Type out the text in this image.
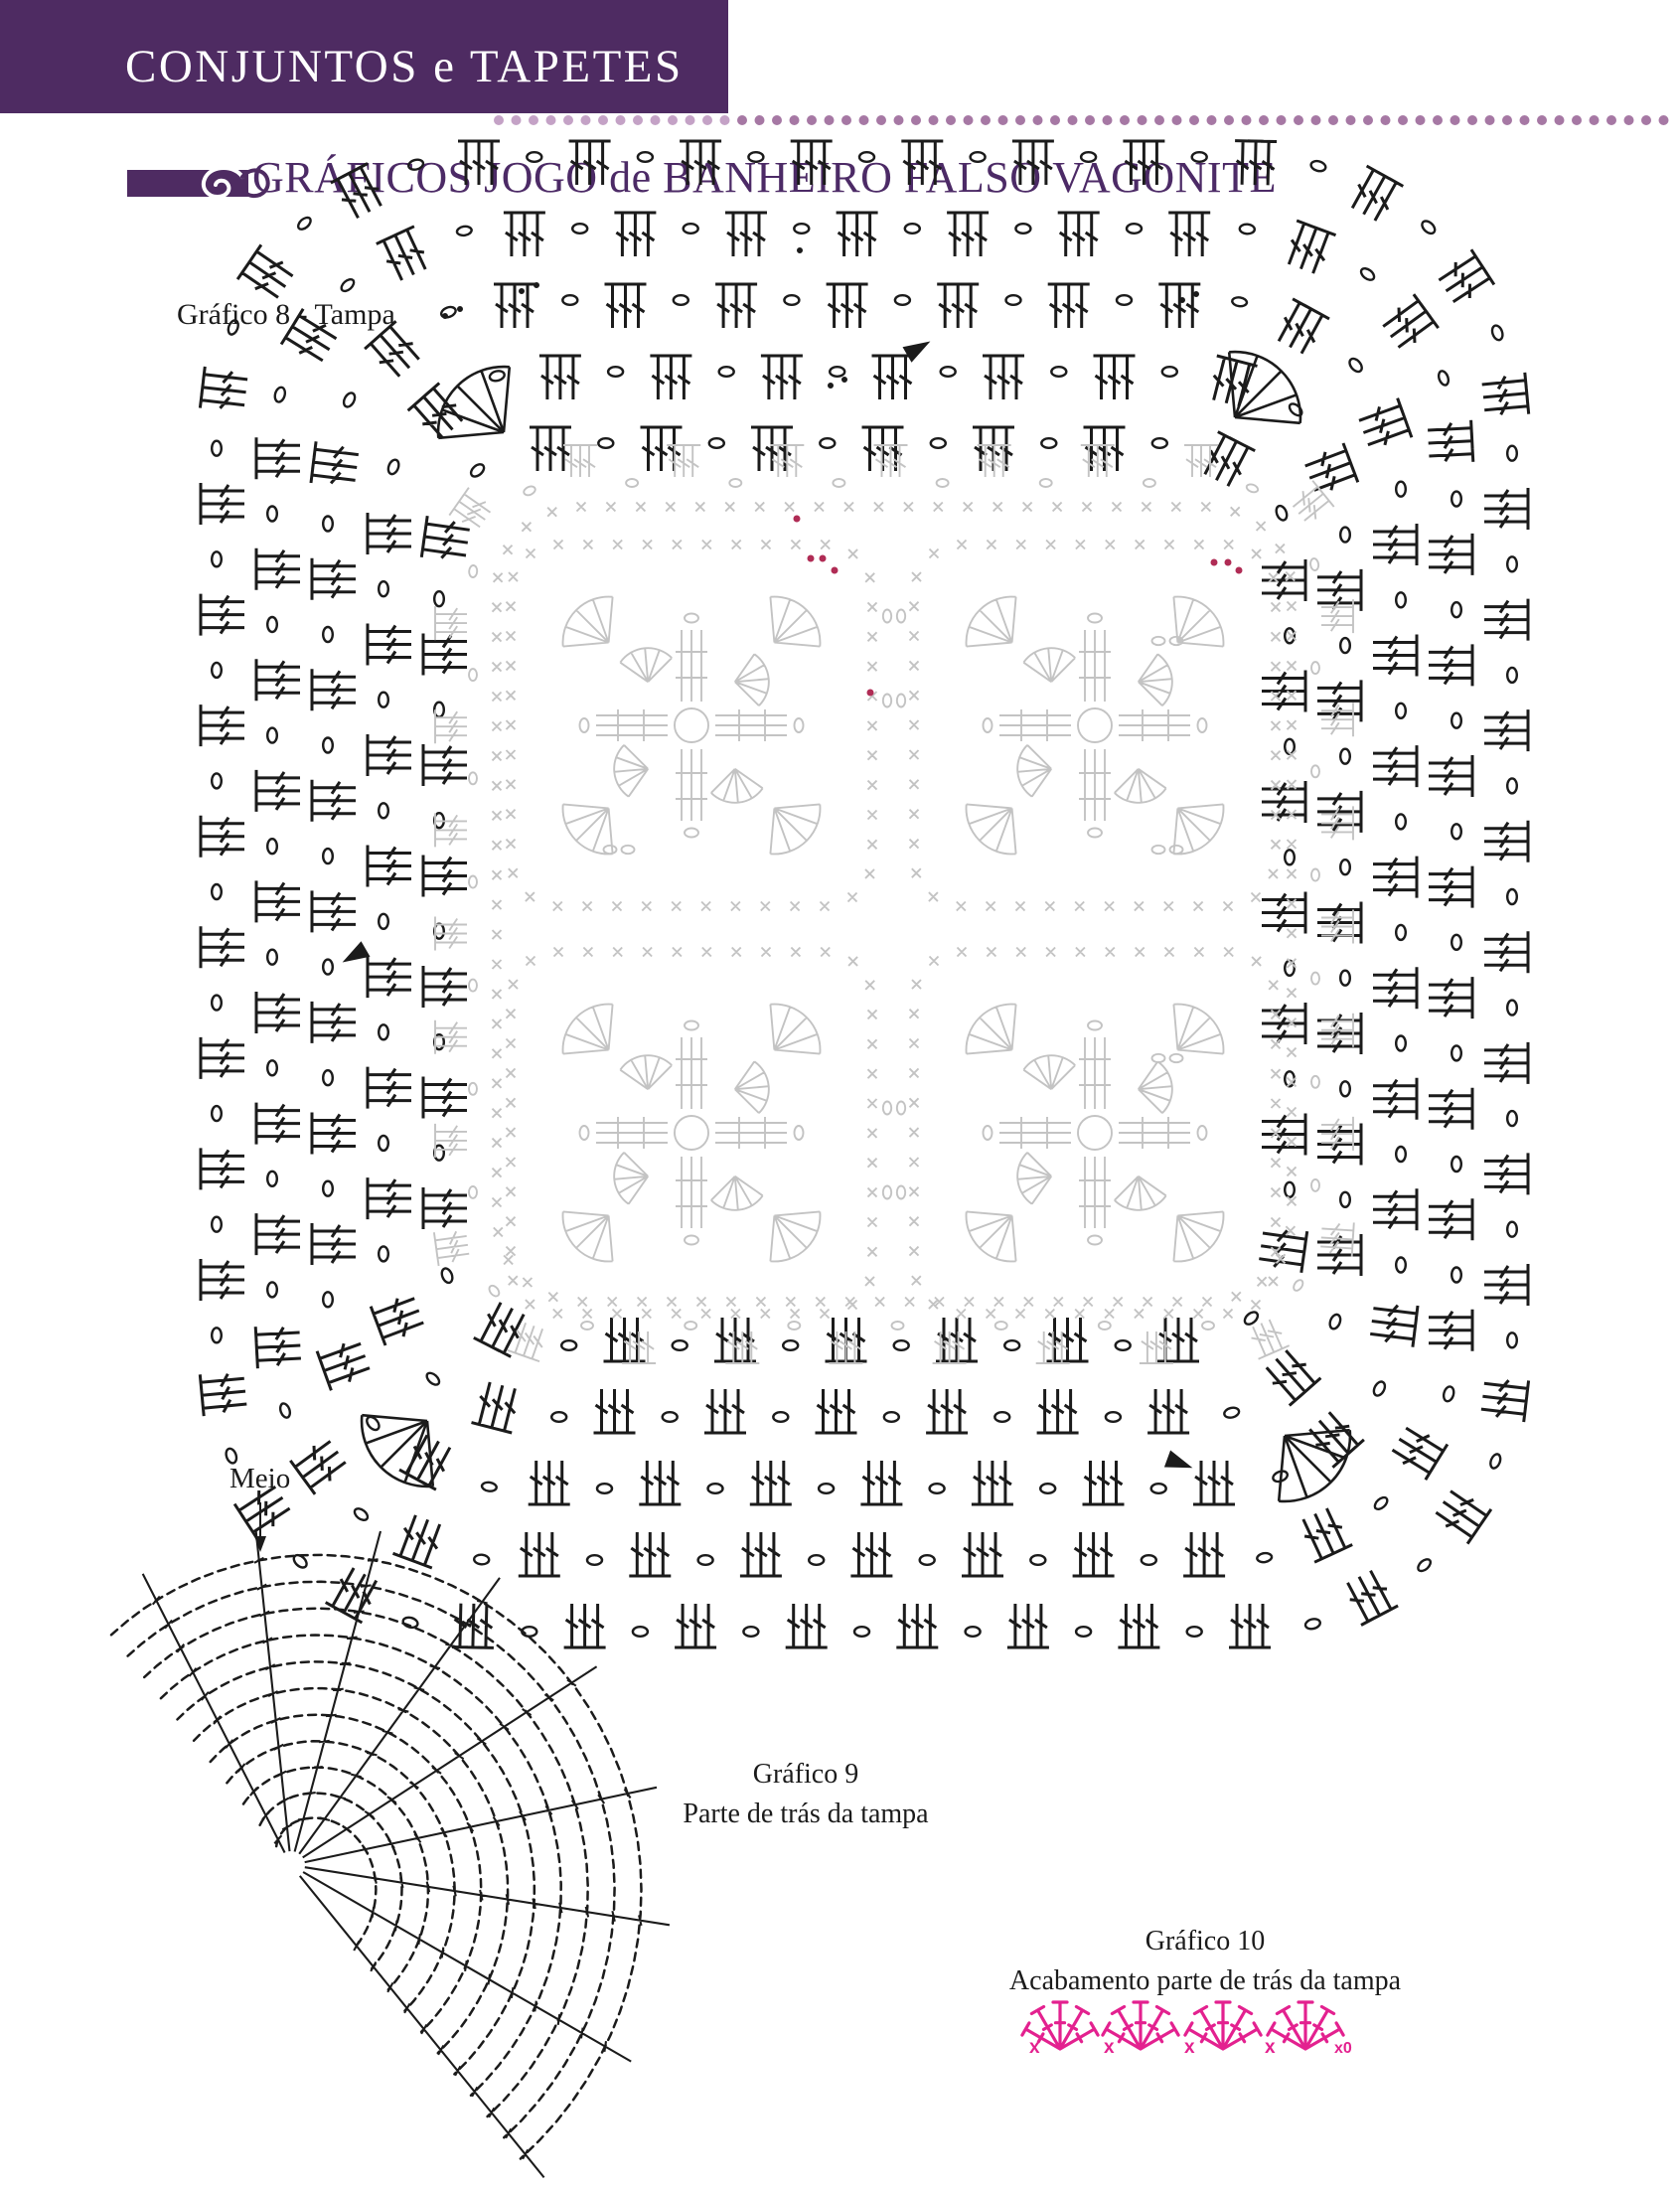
CONJUNTOS e TAPETES
GRÁFICOS JOGO de BANHEIRO FALSO VAGONITE
Gráfico 8 - Tampa
Meio
Gráfico 9
Parte de trás da tampa
Gráfico 10
Acabamento parte de trás da tampa
x	x	x	x	x0
